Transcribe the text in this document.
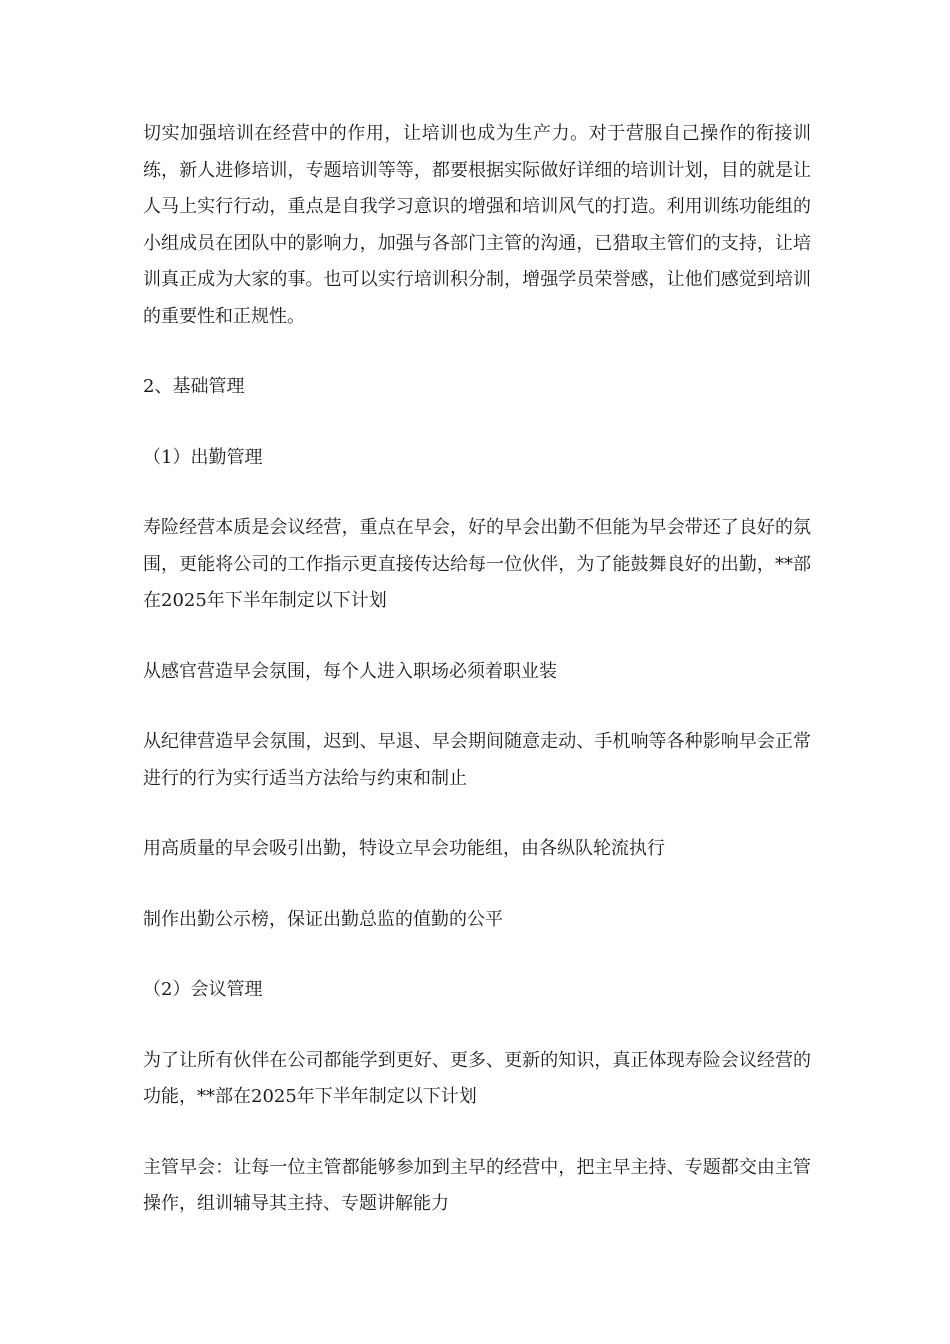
切实加强培训在经营中的作用，让培训也成为生产力。对于营服自己操作的衔接训练，新人进修培训，专题培训等等，都要根据实际做好详细的培训计划，目的就是让人马上实行行动，重点是自我学习意识的增强和培训风气的打造。利用训练功能组的小组成员在团队中的影响力，加强与各部门主管的沟通，已猎取主管们的支持，让培训真正成为大家的事。也可以实行培训积分制，增强学员荣誉感，让他们感觉到培训的重要性和正规性。

2、基础管理

（1）出勤管理

寿险经营本质是会议经营，重点在早会，好的早会出勤不但能为早会带还了良好的氛围，更能将公司的工作指示更直接传达给每一位伙伴，为了能鼓舞良好的出勤，**部在2025年下半年制定以下计划

从感官营造早会氛围，每个人进入职场必须着职业装

从纪律营造早会氛围，迟到、早退、早会期间随意走动、手机响等各种影响早会正常进行的行为实行适当方法给与约束和制止

用高质量的早会吸引出勤，特设立早会功能组，由各纵队轮流执行

制作出勤公示榜，保证出勤总监的值勤的公平

（2）会议管理

为了让所有伙伴在公司都能学到更好、更多、更新的知识，真正体现寿险会议经营的功能，**部在2025年下半年制定以下计划

主管早会：让每一位主管都能够参加到主早的经营中，把主早主持、专题都交由主管操作，组训辅导其主持、专题讲解能力
